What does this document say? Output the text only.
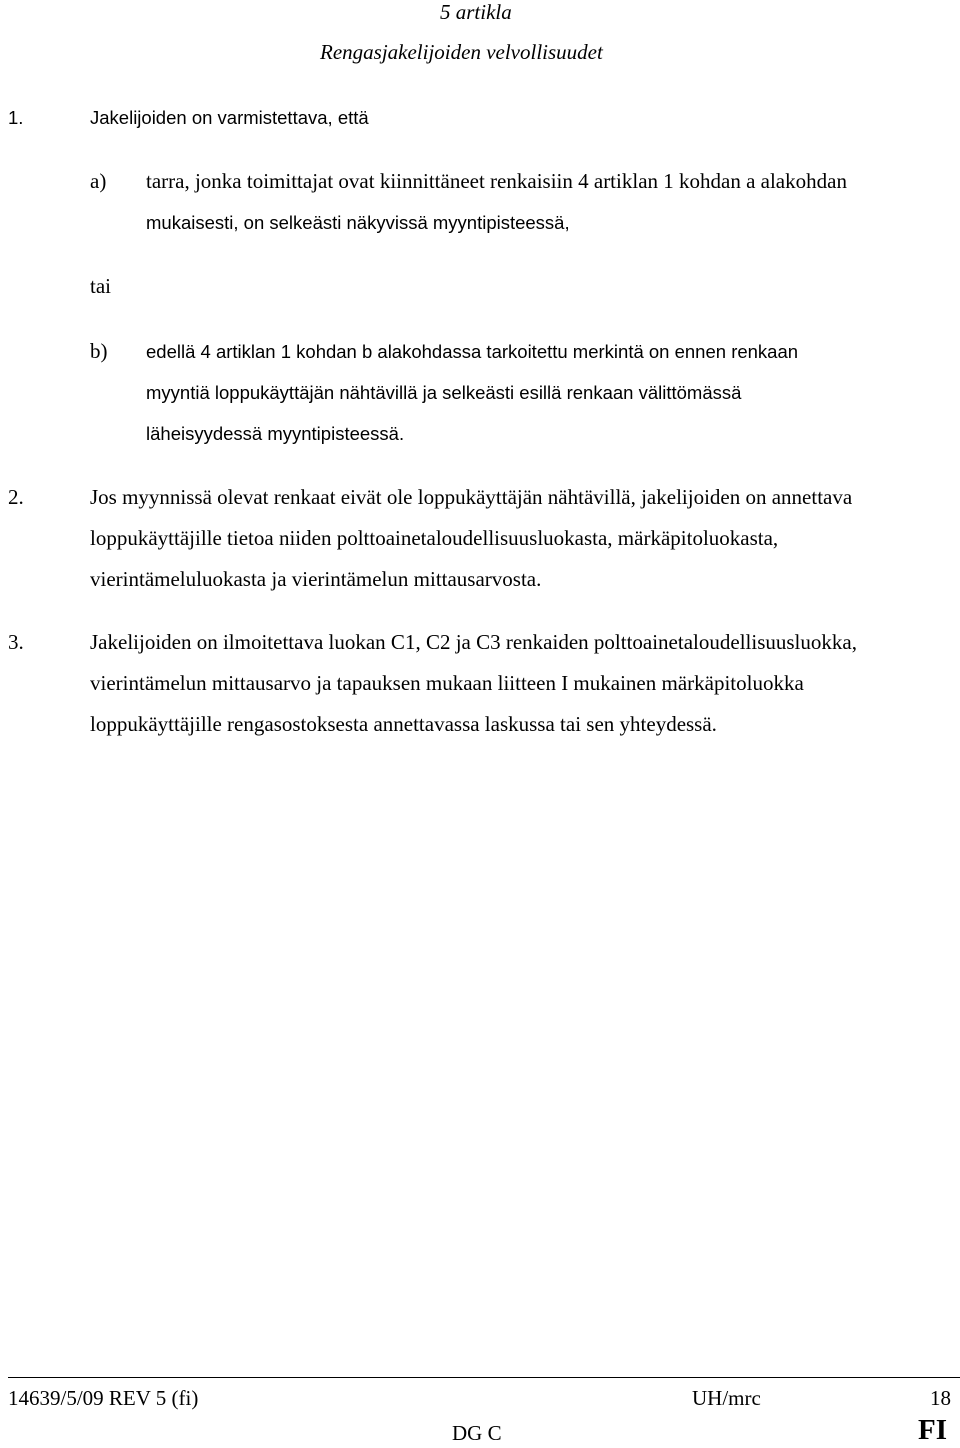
5 artikla
Rengasjakelijoiden velvollisuudet
1.	Jakelijoiden on varmistettava, että
a) tarra, jonka toimittajat ovat kiinnittäneet renkaisiin 4 artiklan 1 kohdan a alakohdan
mukaisesti, on selkeästi näkyvissä myyntipisteessä,
tai
b) edellä 4 artiklan 1 kohdan b alakohdassa tarkoitettu merkintä on ennen renkaan
myyntiä loppukäyttäjän nähtävillä ja selkeästi esillä renkaan välittömässä
läheisyydessä myyntipisteessä.
2.	Jos myynnissä olevat renkaat eivät ole loppukäyttäjän nähtävillä, jakelijoiden on annettava
loppukäyttäjille tietoa niiden polttoainetaloudellisuusluokasta, märkäpitoluokasta,
vierintämeluluokasta ja vierintämelun mittausarvosta.
3.	Jakelijoiden on ilmoitettava luokan C1, C2 ja C3 renkaiden polttoainetaloudellisuusluokka,
vierintämelun mittausarvo ja tapauksen mukaan liitteen I mukainen märkäpitoluokka
loppukäyttäjille rengasostoksesta annettavassa laskussa tai sen yhteydessä.
14639/5/09 REV 5 (fi)	UH/mrc	18
DG C	FI
